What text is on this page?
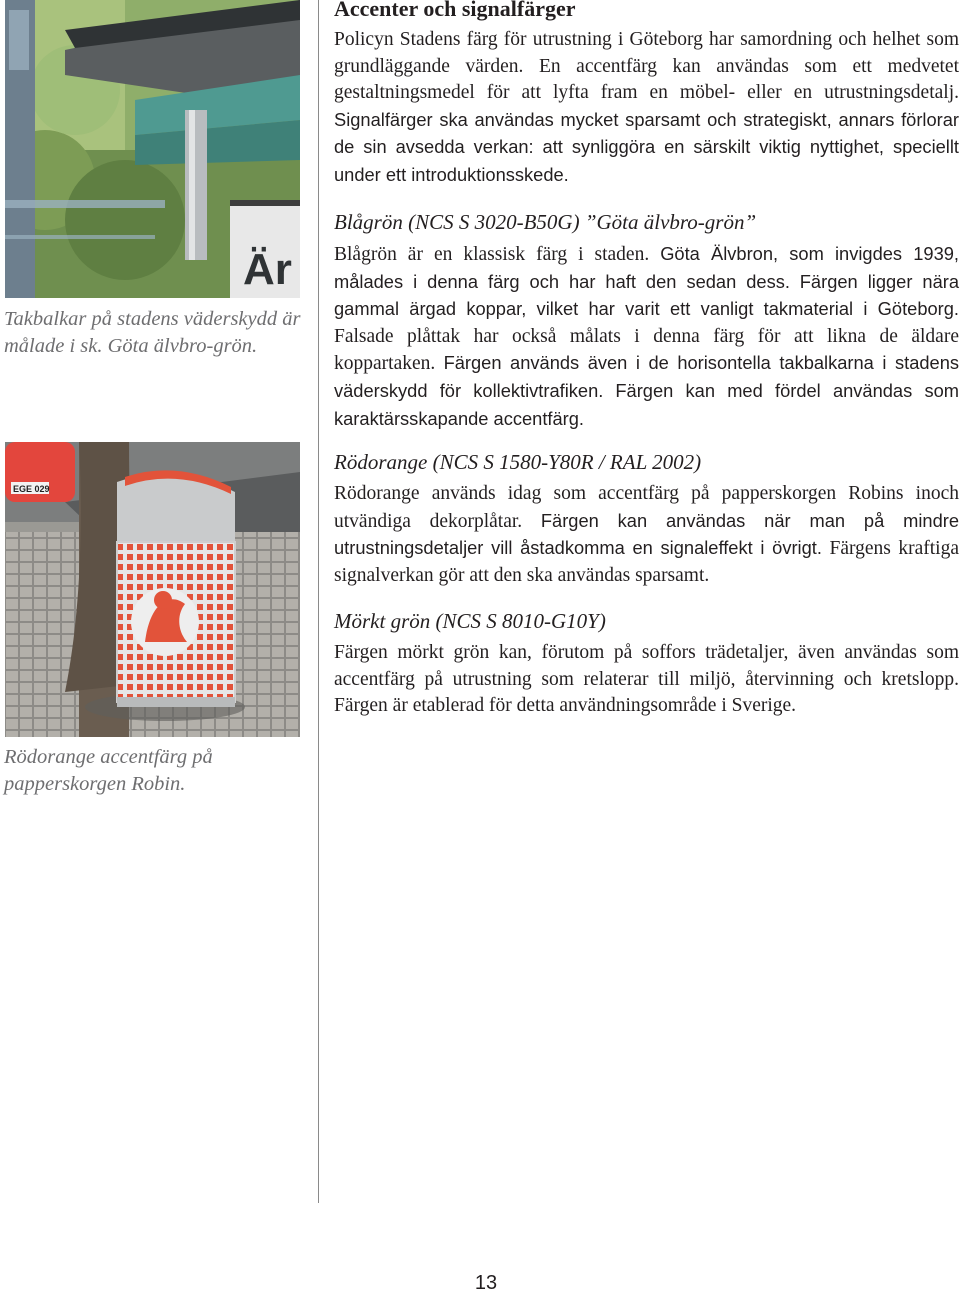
Är
Takbalkar på stadens väderskydd är målade i sk. Göta älvbro-grön.
EGE 029
Rödorange accentfärg på papperskorgen Robin.
Accenter och signalfärger

Policyn Stadens färg för utrustning i Göteborg har samordning och helhet som grundläggande värden. En accentfärg kan användas som ett medvetet gestaltningsmedel för att lyfta fram en möbel- eller en utrustningsdetalj. Signalfärger ska användas mycket sparsamt och strategiskt, annars förlorar de sin avsedda verkan: att synliggöra en särskilt viktig nyttighet, speciellt under ett introduktionsskede.

Blågrön (NCS S 3020-B50G) ”Göta älvbro-grön”

Blågrön är en klassisk färg i staden. Göta Älvbron, som invigdes 1939, målades i denna färg och har haft den sedan dess. Färgen ligger nära gammal ärgad koppar, vilket har varit ett vanligt takmaterial i Göteborg. Falsade plåttak har också målats i denna färg för att likna de äldare koppartaken. Färgen används även i de horisontella takbalkarna i stadens väderskydd för kollektivtrafiken. Färgen kan med fördel användas som karaktärsskapande accentfärg.

Rödorange (NCS S 1580-Y80R / RAL 2002)

Rödorange används idag som accentfärg på papperskorgen Robins inoch utvändiga dekorplåtar. Färgen kan användas när man på mindre utrustningsdetaljer vill åstadkomma en signaleffekt i övrigt. Färgens kraftiga signalverkan gör att den ska användas sparsamt.

Mörkt grön (NCS S 8010-G10Y)

Färgen mörkt grön kan, förutom på soffors trädetaljer, även användas som accentfärg på utrustning som relaterar till miljö, återvinning och kretslopp. Färgen är etablerad för detta användningsområde i Sverige.

13
